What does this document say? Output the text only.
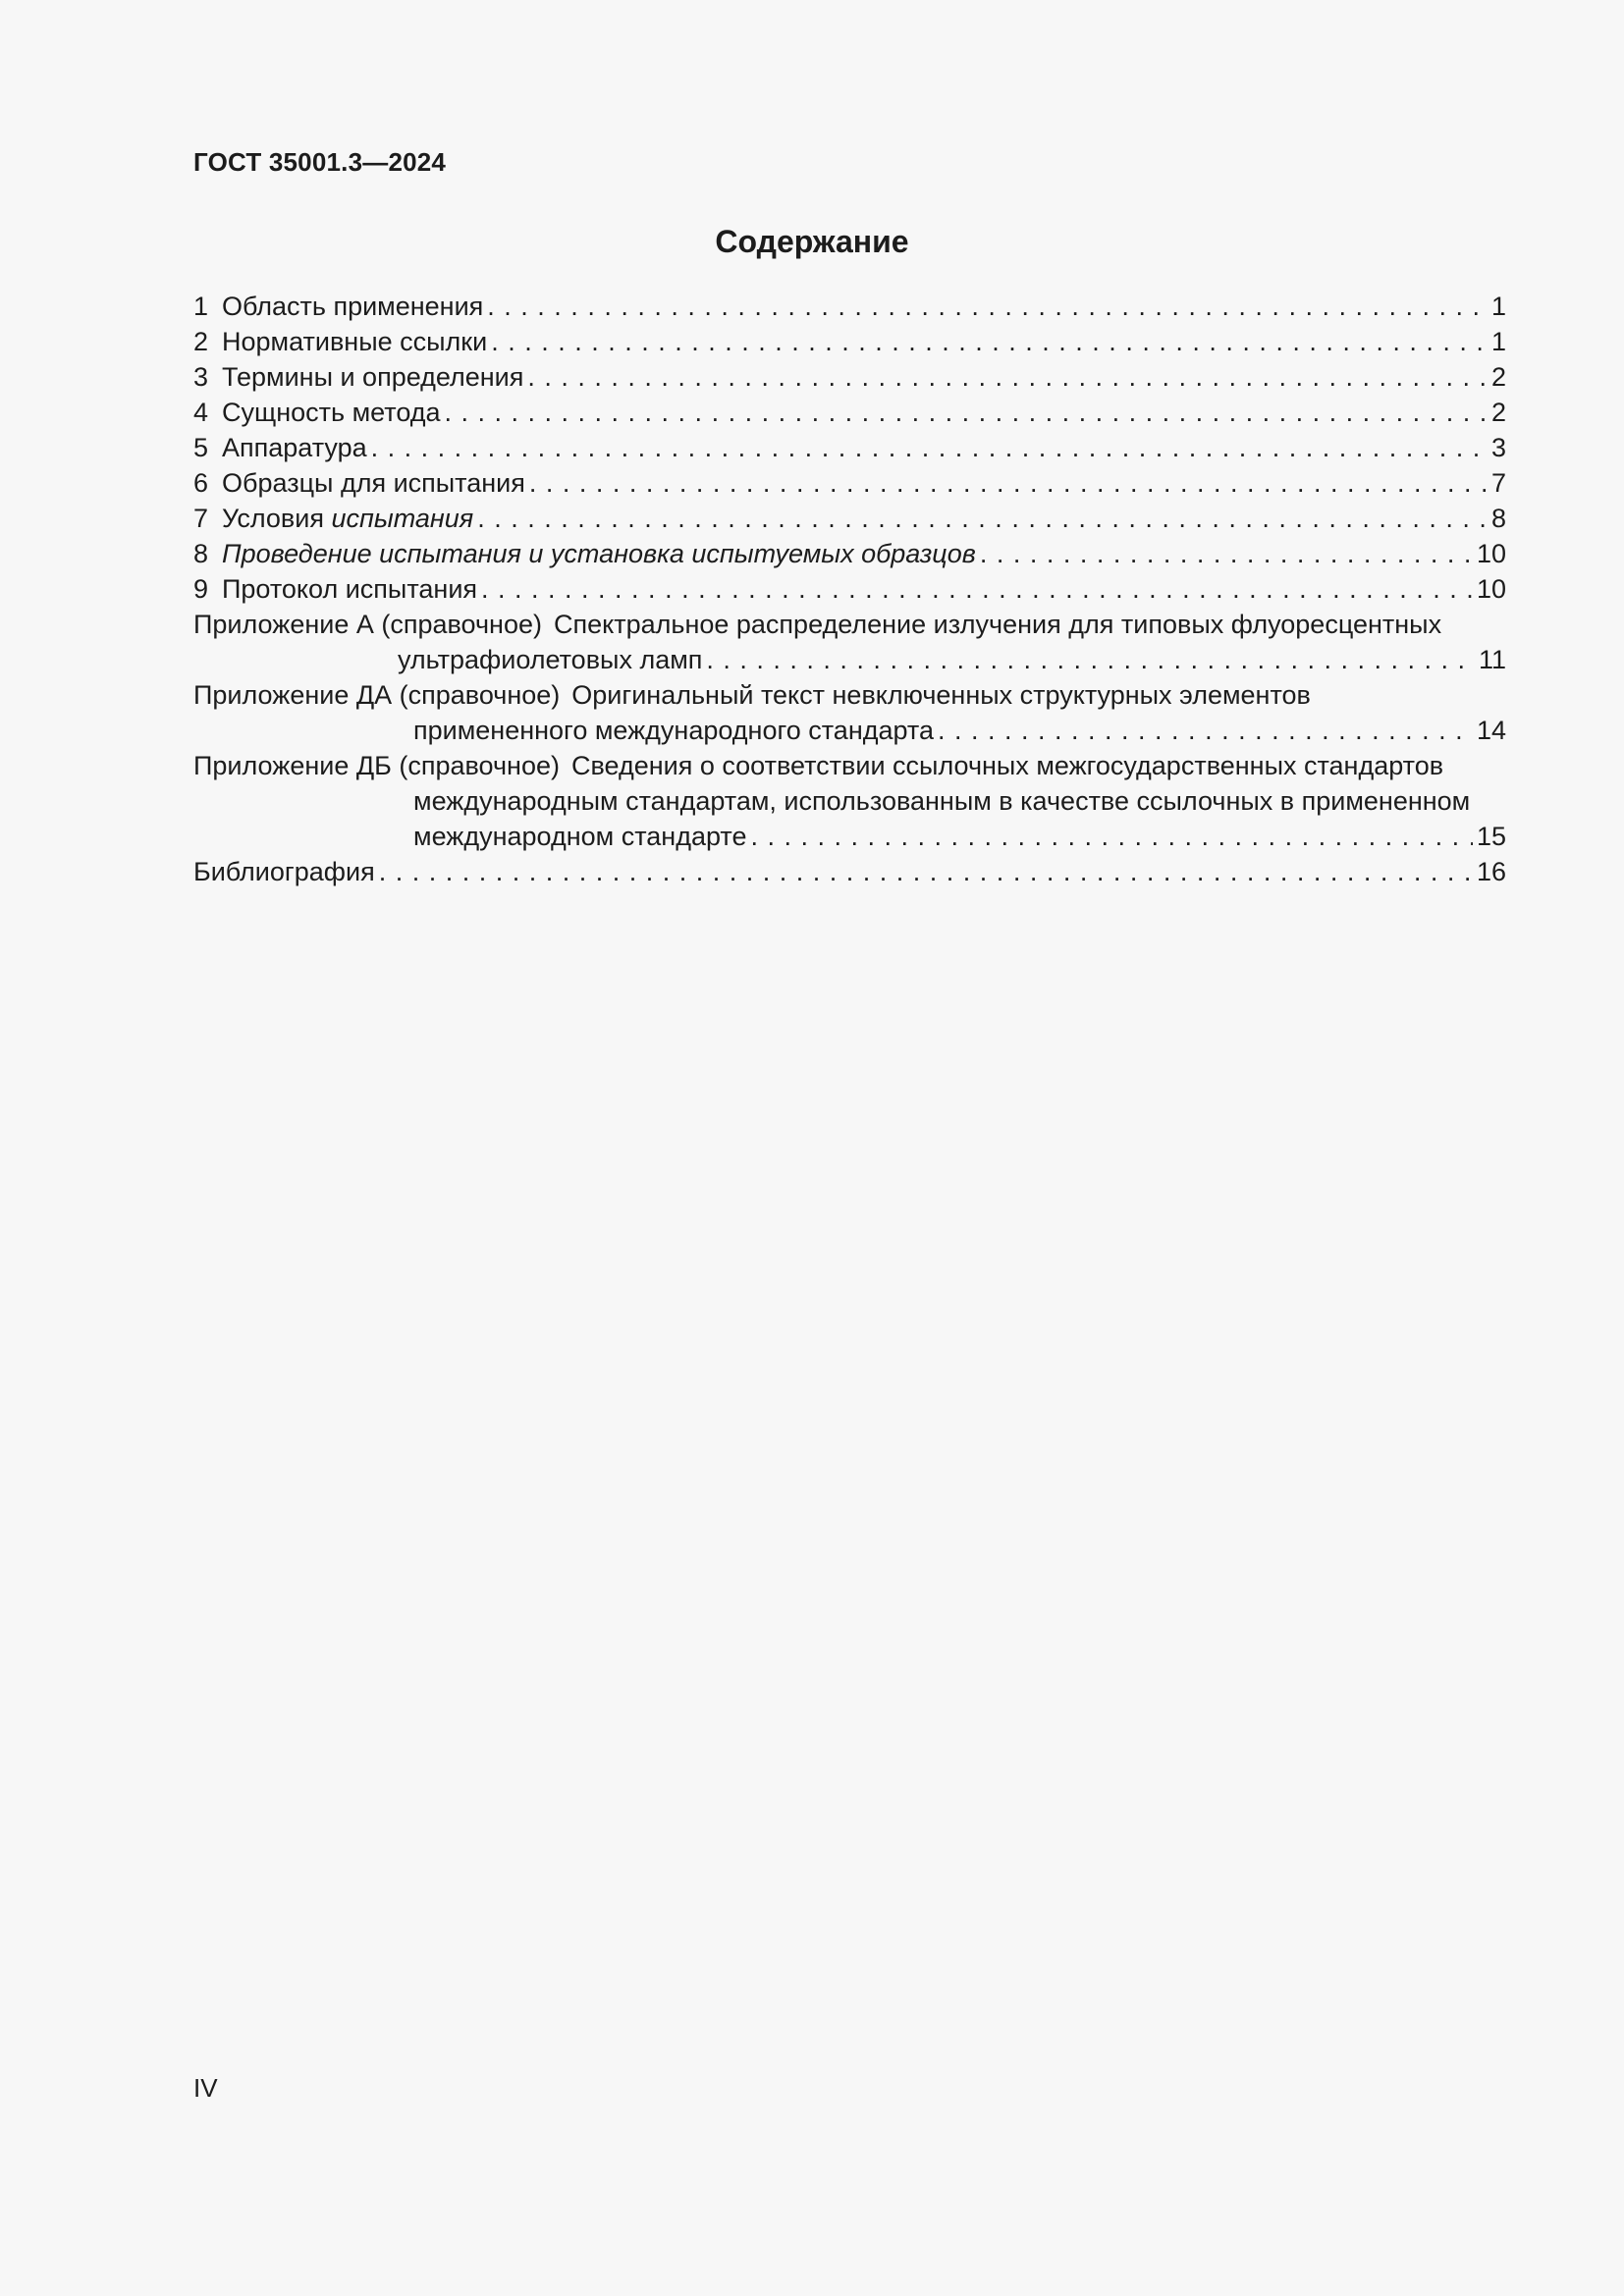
ГОСТ 35001.3—2024
Содержание
1 Область применения . . .	1
2 Нормативные ссылки . . .	1
3 Термины и определения . . .	2
4 Сущность метода . . .	2
5 Аппаратура . . .	3
6 Образцы для испытания . . .	7
7 Условия испытания . . .	8
8 Проведение испытания и установка испытуемых образцов . . .	10
9 Протокол испытания . . .	10
Приложение А (справочное) Спектральное распределение излучения для типовых флуоресцентных
ультрафиолетовых ламп . . .	11
Приложение ДА (справочное) Оригинальный текст невключенных структурных элементов
примененного международного стандарта . . .	14
Приложение ДБ (справочное) Сведения о соответствии ссылочных межгосударственных стандартов
международным стандартам, использованным в качестве ссылочных в примененном
международном стандарте . . .	15
Библиография . . .	16
IV
